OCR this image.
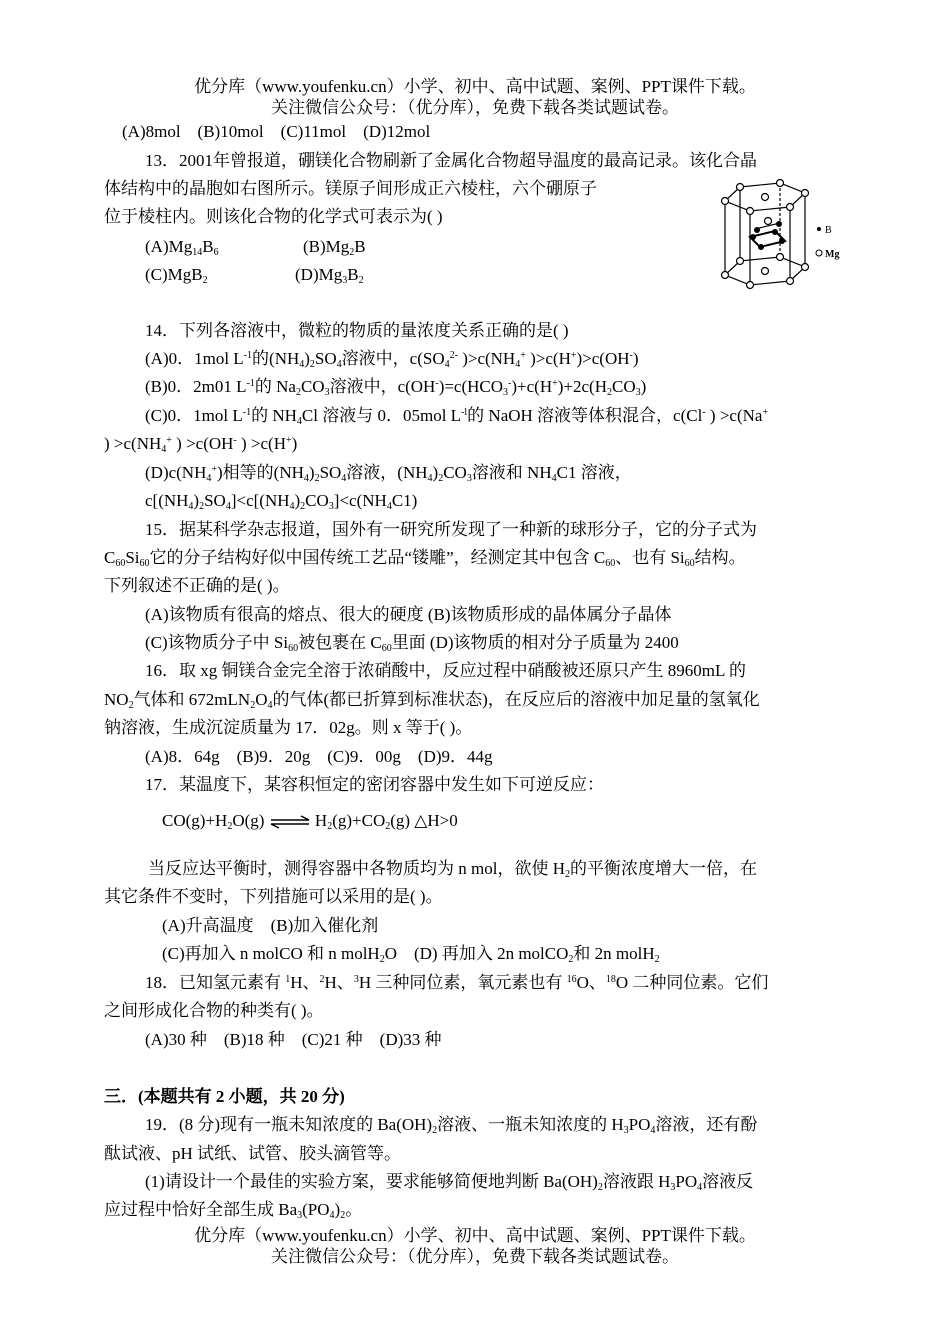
优分库（www.youfenku.cn）小学、初中、高中试题、案例、PPT课件下载。
关注微信公众号：（优分库），免费下载各类试题试卷。
(A)8mol    (B)10mol    (C)11mol    (D)12mol
13．2001年曾报道，硼镁化合物刷新了金属化合物超导温度的最高记录。该化合晶
体结构中的晶胞如右图所示。镁原子间形成正六棱柱，六个硼原子
位于棱柱内。则该化合物的化学式可表示为( )
$(A)Mg_{14}B_6$	$(B)Mg_2B$
(C)MgB$_2$	$(D)Mg_3B_2$
B
Mg
14．下列各溶液中，微粒的物质的量浓度关系正确的是( )
(A)0．1mol $L^{-1}$的$(NH_4)_2SO_4$溶液中，$c(SO_4^{2-}$ )$>c(NH_4^+$ )>c(H+)>c(OH-)
(B)0．2m01 $L^{-1}$的 $Na_2CO_3$溶液中，$c(OH^-)=c(HCO_3^-)+c(H^+)+2c(H_2CO_3)$
(C)0．1mol $L^{-1}$的 $NH_4Cl$ 溶液与 0．05mol $L^{-l}$的 NaOH 溶液等体积混合，c(Cl- ) >c(Na+
) $>c(NH_4^+$ ) >c(OH- ) >c(H+)
$(D)c(NH_4^+)$相等的$(NH_4)_2SO_4$溶液，$(NH_4)_2CO_3$溶液和 $NH_4C1$ 溶液，
$c[(NH_4)_2SO_4]<c[(NH_4)_2CO_3]<c(NH_4C1)$
15．据某科学杂志报道，国外有一研究所发现了一种新的球形分子，它的分子式为
$C_{60}Si_{60}$它的分子结构好似中国传统工艺品“镂雕”，经测定其中包含 $C_{60}$、也有 $Si_{60}$结构。
下列叙述不正确的是( )。
(A)该物质有很高的熔点、很大的硬度 (B)该物质形成的晶体属分子晶体
(C)该物质分子中 $Si_{60}$被包裹在 $C_{60}$里面 (D)该物质的相对分子质量为 2400
16．取 xg 铜镁合金完全溶于浓硝酸中，反应过程中硝酸被还原只产生 8960mL 的
$NO_2$气体和 $672mLN_2O_4$的气体(都已折算到标准状态)，在反应后的溶液中加足量的氢氧化
钠溶液，生成沉淀质量为 17．02g。则 x 等于( )。
(A)8．64g    (B)9．20g    (C)9．00g    (D)9．44g
17．某温度下，某容积恒定的密闭容器中发生如下可逆反应：
$CO(g)+H_2O(g)$ ⇌ $H_2(g)+CO_2(g)$ △H>0
当反应达平衡时，测得容器中各物质均为 n mol，欲使 $H_2$的平衡浓度增大一倍，在
其它条件不变时，下列措施可以采用的是( )。
(A)升高温度    (B)加入催化剂
(C)再加入 n molCO 和 n molH$_2$O    (D) 再加入 2n molCO$_2$和 2n molH$_2$
18．已知氢元素有 $^1$H、$^2$H、$^3$H 三种同位素，氧元素也有 $^{16}$O、$^{18}$O 二种同位素。它们
之间形成化合物的种类有( )。
(A)30 种    (B)18 种    (C)21 种    (D)33 种
三．(本题共有 2 小题，共 20 分)
19．(8 分)现有一瓶未知浓度的 $Ba(OH)_2$溶液、一瓶未知浓度的 $H_3PO_4$溶液，还有酚
酞试液、pH 试纸、试管、胶头滴管等。
(1)请设计一个最佳的实验方案，要求能够简便地判断 $Ba(OH)_2$溶液跟 $H_3PO_4$溶液反
应过程中恰好全部生成 $Ba_3(PO_4)_2$。
优分库（www.youfenku.cn）小学、初中、高中试题、案例、PPT课件下载。
关注微信公众号：（优分库），免费下载各类试题试卷。
